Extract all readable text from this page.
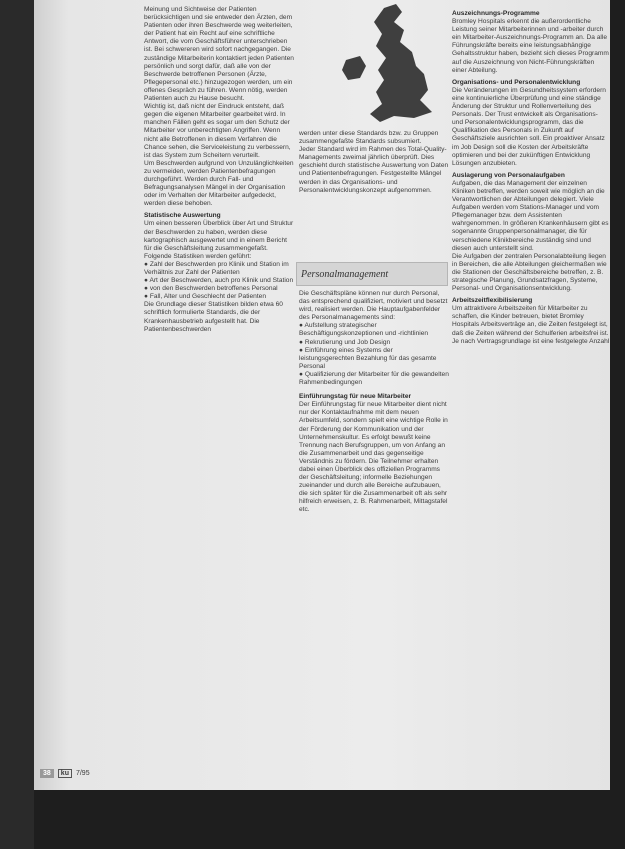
Meinung und Sichtweise der Patienten berücksichtigen und sie entweder den Ärzten, dem Patienten oder ihren Beschwerde weg weiterleiten, der Patient hat ein Recht auf eine schriftliche Antwort, die vom Geschäftsführer unterschrieben ist. Bei schwereren wird sofort nachgegangen. Die zuständige Mitarbeiterin kontaktiert jeden Patienten persönlich und sorgt dafür, daß alle von der Beschwerde betroffenen Personen (Ärzte, Pflegepersonal etc.) hinzugezogen werden, um ein offenes Gespräch zu führen. Wenn nötig, werden Patienten auch zu Hause besucht.

Wichtig ist, daß nicht der Eindruck entsteht, daß gegen die eigenen Mitarbeiter gearbeitet wird. In manchen Fällen geht es sogar um den Schutz der Mitarbeiter vor unberechtigten Angriffen. Wenn nicht alle Betroffenen in diesem Verfahren die Chance sehen, die Serviceleistung zu verbessern, ist das System zum Scheitern verurteilt.

Um Beschwerden aufgrund von Unzulänglichkeiten zu vermeiden, werden Patientenbefragungen durchgeführt. Werden durch Fall- und Befragungsanalysen Mängel in der Organisation oder im Verhalten der Mitarbeiter aufgedeckt, werden diese behoben.

Statistische Auswertung

Um einen besseren Überblick über Art und Struktur der Beschwerden zu haben, werden diese kartographisch ausgewertet und in einem Bericht für die Geschäftsleitung zusammengefaßt. Folgende Statistiken werden geführt:

● Zahl der Beschwerden pro Klinik und Station im Verhältnis zur Zahl der Patienten

● Art der Beschwerden, auch pro Klinik und Station

● von den Beschwerden betroffenes Personal

● Fall, Alter und Geschlecht der Patienten

Die Grundlage dieser Statistiken bilden etwa 60 schriftlich formulierte Standards, die der Krankenhausbetrieb aufgestellt hat. Die Patientenbeschwerden

werden unter diese Standards bzw. zu Gruppen zusammengefaßte Standards subsumiert.

Jeder Standard wird im Rahmen des Total-Quality-Managements zweimal jährlich überprüft. Dies geschieht durch statistische Auswertung von Daten und Patientenbefragungen. Festgestellte Mängel werden in das Organisations- und Personalentwicklungskonzept aufgenommen.

Personalmanagement

Die Geschäftspläne können nur durch Personal, das entsprechend qualifiziert, motiviert und besetzt wird, realisiert werden. Die Hauptaufgabenfelder des Personalmanagements sind:

● Aufstellung strategischer Beschäftigungskonzeptionen und -richtlinien

● Rekrutierung und Job Design

● Einführung eines Systems der leistungsgerechten Bezahlung für das gesamte Personal

● Qualifizierung der Mitarbeiter für die gewandelten Rahmenbedingungen

Einführungstag für neue Mitarbeiter

Der Einführungstag für neue Mitarbeiter dient nicht nur der Kontaktaufnahme mit dem neuen Arbeitsumfeld, sondern spielt eine wichtige Rolle in der Förderung der Kommunikation und der Unternehmenskultur. Es erfolgt bewußt keine Trennung nach Berufsgruppen, um von Anfang an die Zusammenarbeit und das gegenseitige Verständnis zu fördern. Die Teilnehmer erhalten dabei einen Überblick des offiziellen Programms der Geschäftsleitung; informelle Beziehungen zueinander und durch alle Bereiche aufzubauen, die sich später für die Zusammenarbeit oft als sehr hilfreich erweisen, z. B. Rahmenarbeit, Mittagstafel etc.

Auszeichnungs-Programme

Bromley Hospitals erkennt die außerordentliche Leistung seiner Mitarbeiterinnen und -arbeiter durch ein Mitarbeiter-Auszeichnungs-Programm an. Da alle Führungskräfte bereits eine leistungsabhängige Gehaltsstruktur haben, bezieht sich dieses Programm auf die Auszeichnung von Nicht-Führungskräften einer Abteilung.

Organisations- und Personalentwicklung

Die Veränderungen im Gesundheitssystem erfordern eine kontinuierliche Überprüfung und eine ständige Änderung der Struktur und Rollenverteilung des Personals. Der Trust entwickelt als Organisations- und Personalentwicklungsprogramm, das die Qualifikation des Personals in Zukunft auf Geschäftsziele ausrichten soll. Ein proaktiver Ansatz im Job Design soll die Kosten der Arbeitskräfte optimieren und bei der zukünftigen Entwicklung Lösungen anzubieten.

Auslagerung von Personalaufgaben

Aufgaben, die das Management der einzelnen Kliniken betreffen, werden soweit wie möglich an die Verantwortlichen der Abteilungen delegiert. Viele Aufgaben werden vom Stations-Manager und vom Pflegemanager bzw. dem Assistenten wahrgenommen. In größeren Krankenhäusern gibt es sogenannte Gruppenpersonalmanager, die für verschiedene Klinikbereiche zuständig sind und diesen auch unterstellt sind.

Die Aufgaben der zentralen Personalabteilung liegen in Bereichen, die alle Abteilungen gleichermaßen wie die Stationen der Geschäftsbereiche betreffen, z. B. strategische Planung, Grundsatzfragen, Systeme, Personal- und Organisationsentwicklung.

Arbeitszeitflexibilisierung

Um attraktivere Arbeitszeiten für Mitarbeiter zu schaffen, die Kinder betreuen, bietet Bromley Hospitals Arbeitsverträge an, die Zeiten festgelegt ist, daß die Zeiten während der Schulferien arbeitsfrei ist. Je nach Vertragsgrundlage ist eine festgelegte Anzahl

38	ku	7/95
